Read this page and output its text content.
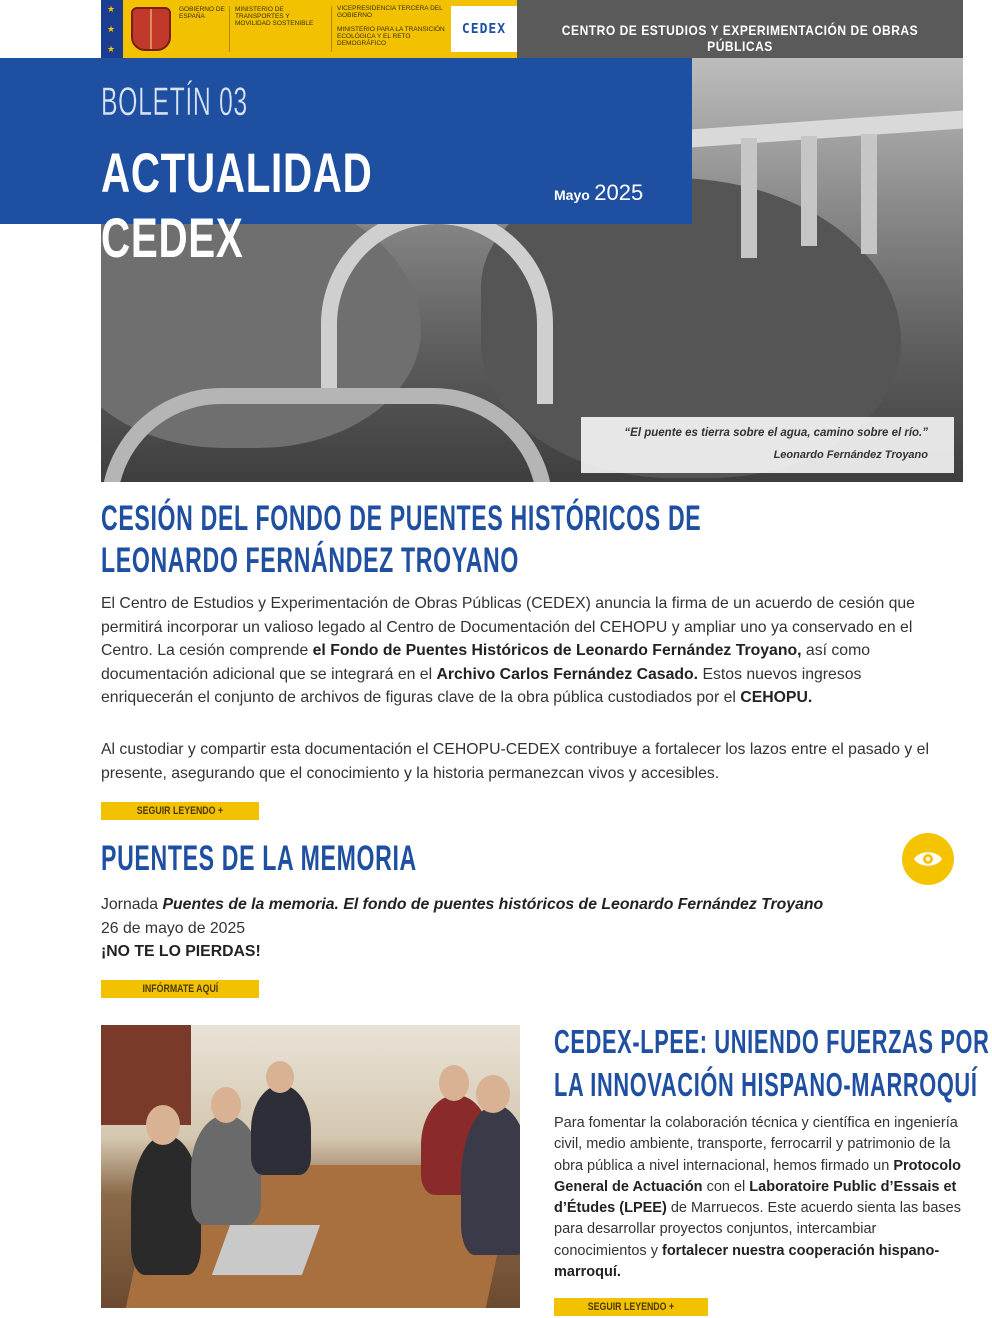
★
★
★
GOBIERNO DE ESPAÑA
MINISTERIO DE TRANSPORTES Y MOVILIDAD SOSTENIBLE
VICEPRESIDENCIA TERCERA DEL GOBIERNO
MINISTERIO PARA LA TRANSICIÓN ECOLÓGICA Y EL RETO DEMOGRÁFICO
CEDEX	CENTRO DE ESTUDIOS Y EXPERIMENTACIÓN DE OBRAS PÚBLICAS
“El puente es tierra sobre el agua, camino sobre el río.”
Leonardo Fernández Troyano
BOLETÍN 03
ACTUALIDAD CEDEX
Mayo 2025
CESIÓN DEL FONDO DE PUENTES HISTÓRICOS DE
LEONARDO FERNÁNDEZ TROYANO
El Centro de Estudios y Experimentación de Obras Públicas (CEDEX) anuncia la firma de un acuerdo de cesión que permitirá incorporar un valioso legado al Centro de Documentación del CEHOPU y ampliar uno ya conservado en el Centro. La cesión comprende el Fondo de Puentes Históricos de Leonardo Fernández Troyano, así como documentación adicional que se integrará en el Archivo Carlos Fernández Casado. Estos nuevos ingresos enriquecerán el conjunto de archivos de figuras clave de la obra pública custodiados por el CEHOPU.
Al custodiar y compartir esta documentación el CEHOPU-CEDEX contribuye a fortalecer los lazos entre el pasado y el presente, asegurando que el conocimiento y la historia permanezcan vivos y accesibles.
SEGUIR LEYENDO +
PUENTES DE LA MEMORIA
Jornada Puentes de la memoria. El fondo de puentes históricos de Leonardo Fernández Troyano
26 de mayo de 2025
¡NO TE LO PIERDAS!
INFÓRMATE AQUÍ
CEDEX-LPEE: UNIENDO FUERZAS POR
LA INNOVACIÓN HISPANO-MARROQUÍ
Para fomentar la colaboración técnica y científica en ingeniería civil, medio ambiente, transporte, ferrocarril y patrimonio de la obra pública a nivel internacional, hemos firmado un Protocolo General de Actuación con el Laboratoire Public d’Essais et d’Études (LPEE) de Marruecos. Este acuerdo sienta las bases para desarrollar proyectos conjuntos, intercambiar conocimientos y fortalecer nuestra cooperación hispano-marroquí.
SEGUIR LEYENDO +
